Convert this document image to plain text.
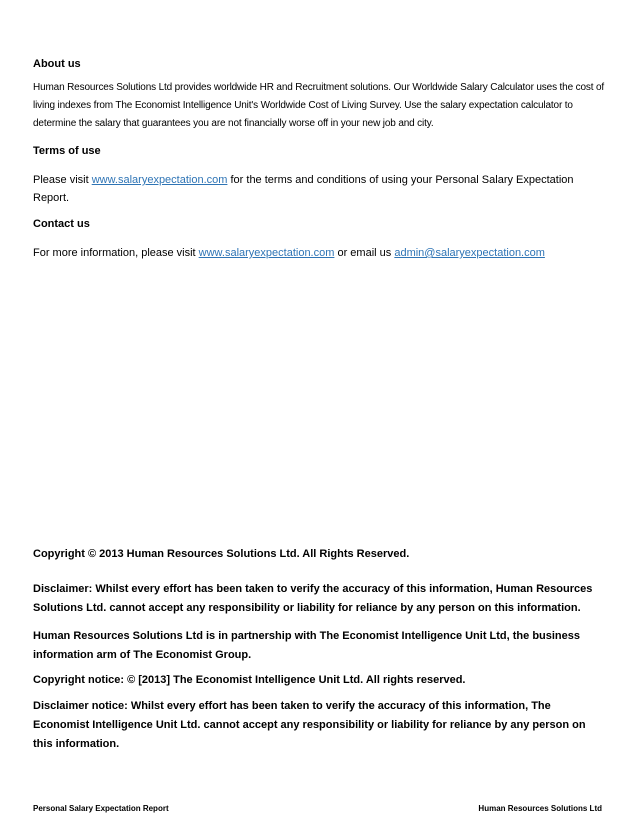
About us
Human Resources Solutions Ltd provides worldwide HR and Recruitment solutions. Our Worldwide Salary Calculator uses the cost of living indexes from The Economist Intelligence Unit's Worldwide Cost of Living Survey. Use the salary expectation calculator to determine the salary that guarantees you are not financially worse off in your new job and city.
Terms of use
Please visit www.salaryexpectation.com for the terms and conditions of using your Personal Salary Expectation Report.
Contact us
For more information, please visit www.salaryexpectation.com or email us admin@salaryexpectation.com
Copyright © 2013 Human Resources Solutions Ltd. All Rights Reserved.
Disclaimer: Whilst every effort has been taken to verify the accuracy of this information, Human Resources Solutions Ltd. cannot accept any responsibility or liability for reliance by any person on this information.
Human Resources Solutions Ltd is in partnership with The Economist Intelligence Unit Ltd, the business information arm of The Economist Group.
Copyright notice: © [2013] The Economist Intelligence Unit Ltd. All rights reserved.
Disclaimer notice: Whilst every effort has been taken to verify the accuracy of this information, The Economist Intelligence Unit Ltd. cannot accept any responsibility or liability for reliance by any person on this information.
Personal Salary Expectation Report	Human Resources Solutions Ltd
